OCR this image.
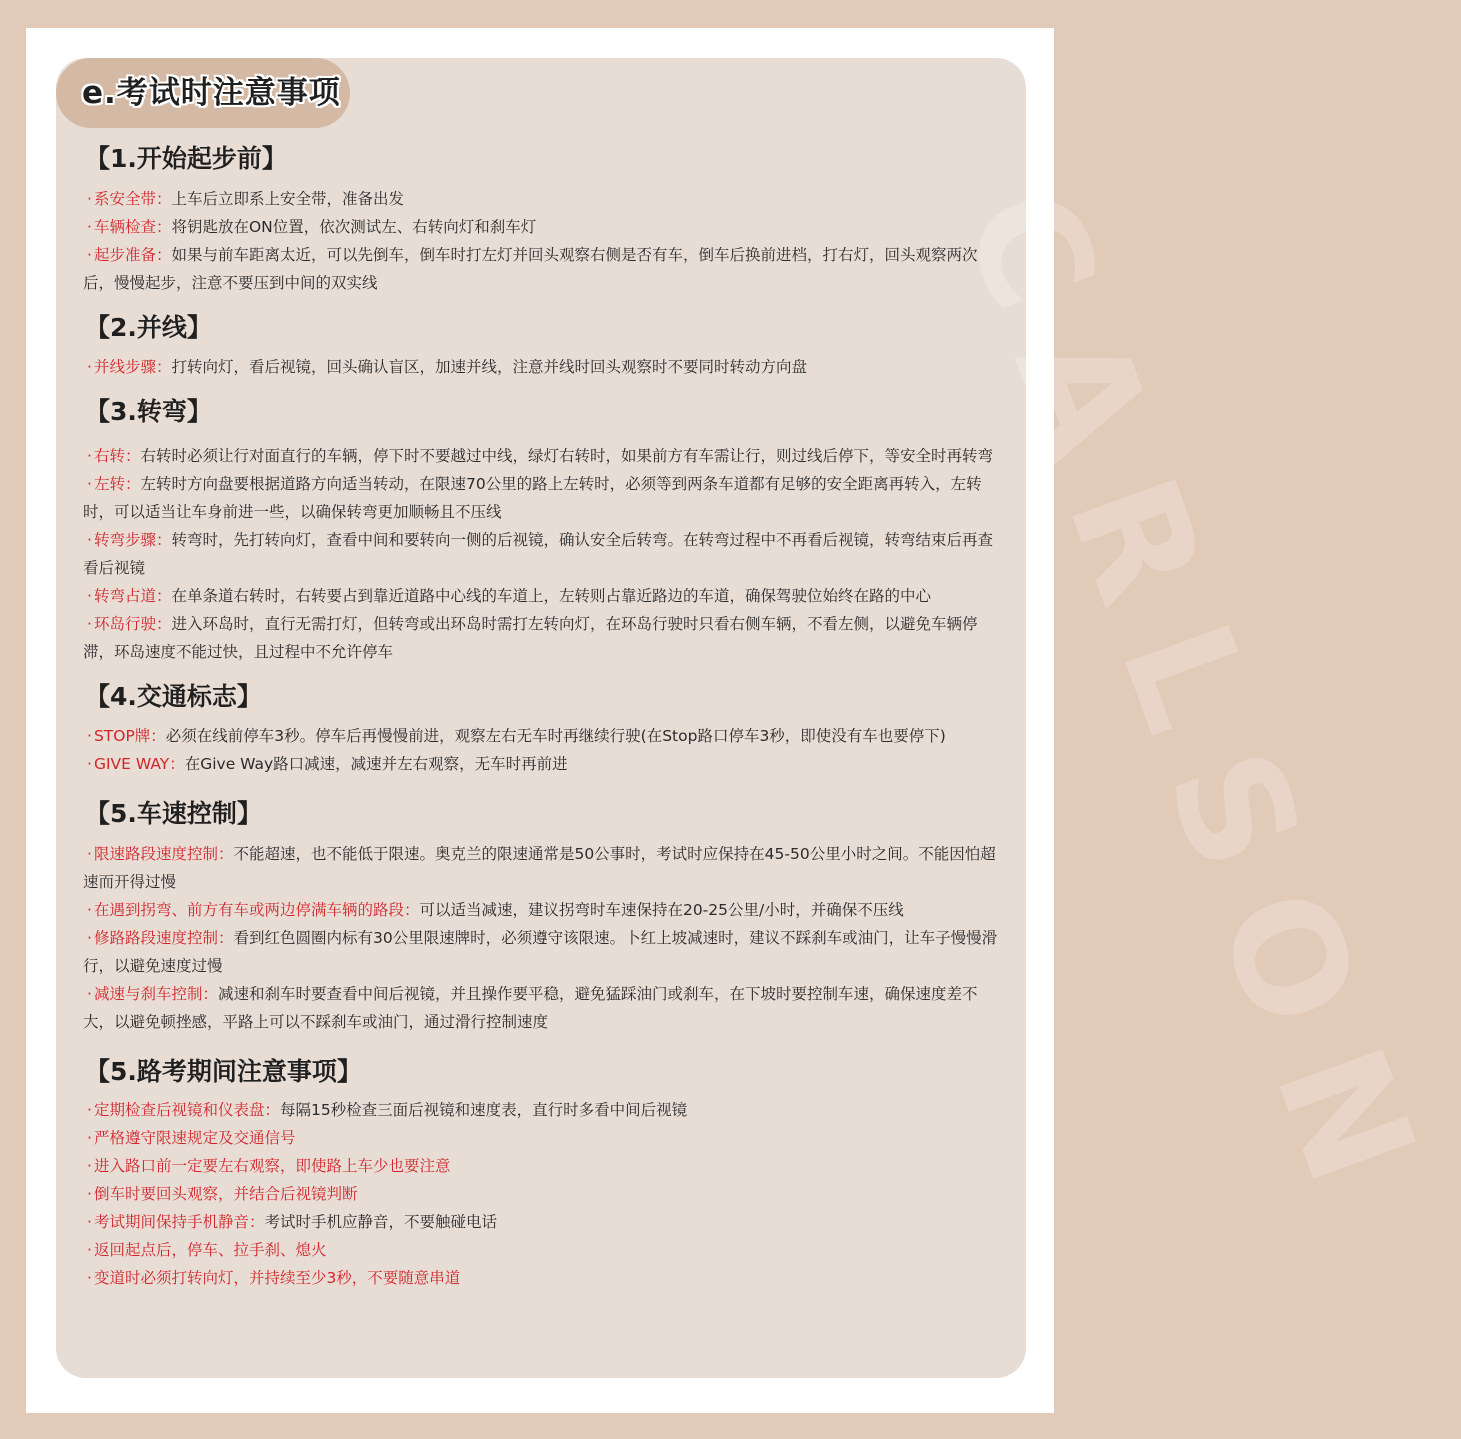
CARLSON
e.考试时注意事项
【1.开始起步前】
· 系安全带：上车后立即系上安全带，准备出发
· 车辆检查：将钥匙放在ON位置，依次测试左、右转向灯和刹车灯
· 起步准备：如果与前车距离太近，可以先倒车，倒车时打左灯并回头观察右侧是否有车，倒车后换前进档，打右灯，回头观察两次后，慢慢起步，注意不要压到中间的双实线
【2.并线】
· 并线步骤：打转向灯，看后视镜，回头确认盲区，加速并线，注意并线时回头观察时不要同时转动方向盘
【3.转弯】
· 右转：右转时必须让行对面直行的车辆，停下时不要越过中线，绿灯右转时，如果前方有车需让行，则过线后停下，等安全时再转弯
· 左转：左转时方向盘要根据道路方向适当转动，在限速70公里的路上左转时，必须等到两条车道都有足够的安全距离再转入，左转时，可以适当让车身前进一些，以确保转弯更加顺畅且不压线
· 转弯步骤：转弯时，先打转向灯，查看中间和要转向一侧的后视镜，确认安全后转弯。在转弯过程中不再看后视镜，转弯结束后再查看后视镜
· 转弯占道：在单条道右转时，右转要占到靠近道路中心线的车道上，左转则占靠近路边的车道，确保驾驶位始终在路的中心
· 环岛行驶：进入环岛时，直行无需打灯，但转弯或出环岛时需打左转向灯，在环岛行驶时只看右侧车辆，不看左侧，以避免车辆停滞，环岛速度不能过快，且过程中不允许停车
【4.交通标志】
· STOP牌：必须在线前停车3秒。停车后再慢慢前进，观察左右无车时再继续行驶(在Stop路口停车3秒，即使没有车也要停下)
· GIVE WAY：在Give Way路口减速，减速并左右观察，无车时再前进
【5.车速控制】
· 限速路段速度控制：不能超速，也不能低于限速。奥克兰的限速通常是50公事时，考试时应保持在45-50公里小时之间。不能因怕超速而开得过慢
· 在遇到拐弯、前方有车或两边停满车辆的路段：可以适当减速，建议拐弯时车速保持在20-25公里/小时，并确保不压线
· 修路路段速度控制：看到红色圆圈内标有30公里限速牌时，必须遵守该限速。卜红上坡减速时，建议不踩刹车或油门，让车子慢慢滑行，以避免速度过慢
· 减速与刹车控制：减速和刹车时要查看中间后视镜，并且操作要平稳，避免猛踩油门或刹车，在下坡时要控制车速，确保速度差不大，以避免顿挫感，平路上可以不踩刹车或油门，通过滑行控制速度
【5.路考期间注意事项】
· 定期检查后视镜和仪表盘：每隔15秒检查三面后视镜和速度表，直行时多看中间后视镜
· 严格遵守限速规定及交通信号
· 进入路口前一定要左右观察，即使路上车少也要注意
· 倒车时要回头观察，并结合后视镜判断
· 考试期间保持手机静音：考试时手机应静音，不要触碰电话
· 返回起点后，停车、拉手刹、熄火
· 变道时必须打转向灯，并持续至少3秒，不要随意串道
